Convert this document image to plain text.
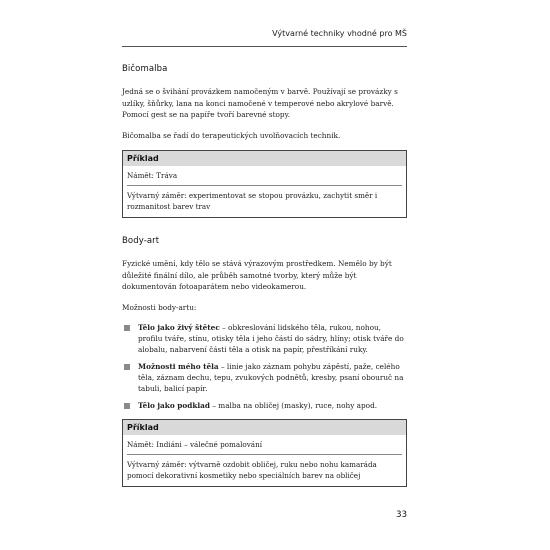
Výtvarné techniky vhodné pro MŠ
Bičomalba

Jedná se o švihání provázkem namočeným v barvě. Používají se provázky s uzlíky, šňůrky, lana na konci namočené v temperové nebo akrylové barvě. Pomocí gest se na papíře tvoří barevné stopy.

Bičomalba se řadí do terapeutických uvolňovacích technik.

Příklad
Námět: Tráva
Výtvarný záměr: experimentovat se stopou provázku, zachytit směr i rozmanitost barev trav
Body-art

Fyzické umění, kdy tělo se stává výrazovým prostředkem. Nemělo by být důležité finální dílo, ale průběh samotné tvorby, který může být dokumentován fotoaparátem nebo videokamerou.

Možnosti body-artu:

Tělo jako živý štětec – obkreslování lidského těla, rukou, nohou, profilu tváře, stínu, otisky těla i jeho částí do sádry, hlíny; otisk tváře do alobalu, nabarvení části těla a otisk na papír, přestříkání ruky.
Možnosti mého těla – linie jako záznam pohybu zápěstí, paže, celého těla, záznam dechu, tepu, zvukových podnětů, kresby, psaní obouruč na tabuli, balicí papír.
Tělo jako podklad – malba na obličej (masky), ruce, nohy apod.
Příklad
Námět: Indiáni – válečné pomalování
Výtvarný záměr: výtvarně ozdobit obličej, ruku nebo nohu kamaráda pomocí dekorativní kosmetiky nebo speciálních barev na obličej
33
